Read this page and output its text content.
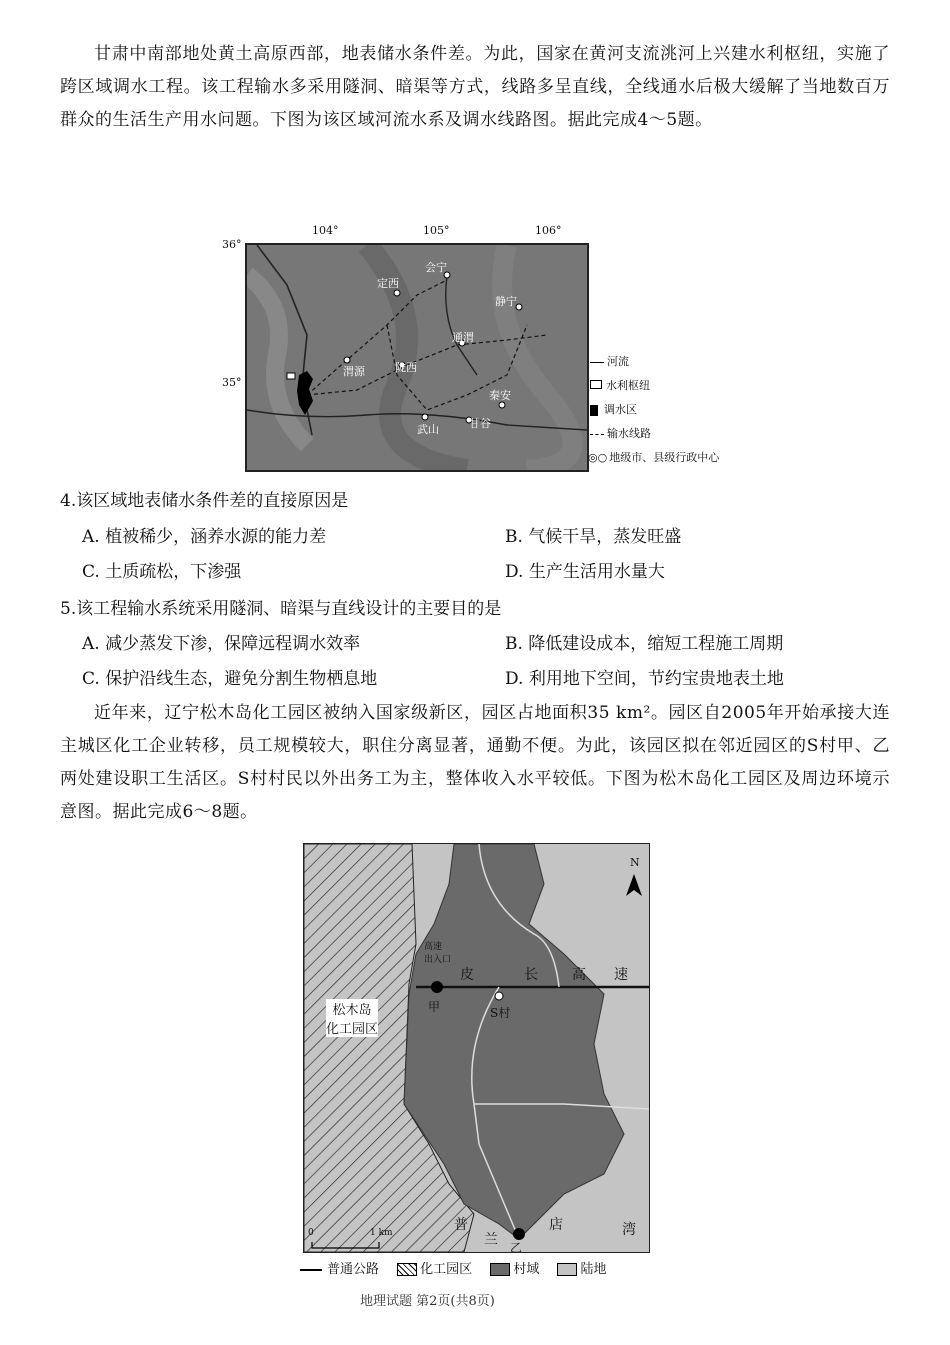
甘肃中南部地处黄土高原西部，地表储水条件差。为此，国家在黄河支流洮河上兴建水利枢纽，实施了跨区域调水工程。该工程输水多采用隧洞、暗渠等方式，线路多呈直线，全线通水后极大缓解了当地数百万群众的生活生产用水问题。下图为该区域河流水系及调水线路图。据此完成4～5题。
104°	105°	106°
36°
35°
会宁
定西
静宁
通渭
渭源	陇西
秦安
武山	甘谷
河流
水利枢纽
调水区
输水线路
◎○ 地级市、县级行政中心
4.该区域地表储水条件差的直接原因是
A. 植被稀少，涵养水源的能力差	B. 气候干旱，蒸发旺盛
C. 土质疏松，下渗强	D. 生产生活用水量大
5.该工程输水系统采用隧洞、暗渠与直线设计的主要目的是
A. 减少蒸发下渗，保障远程调水效率	B. 降低建设成本，缩短工程施工周期
C. 保护沿线生态，避免分割生物栖息地	D. 利用地下空间，节约宝贵地表土地
近年来，辽宁松木岛化工园区被纳入国家级新区，园区占地面积35 km²。园区自2005年开始承接大连主城区化工企业转移，员工规模较大，职住分离显著，通勤不便。为此，该园区拟在邻近园区的S村甲、乙两处建设职工生活区。S村村民以外出务工为主，整体收入水平较低。下图为松木岛化工园区及周边环境示意图。据此完成6～8题。
松木岛
化工园区
高速
出入口
皮	长 高 速
甲	S村
乙
普
兰
店	湾
N
0	1 km
普通公路	化工园区	村域	陆地
地理试题 第2页(共8页)
